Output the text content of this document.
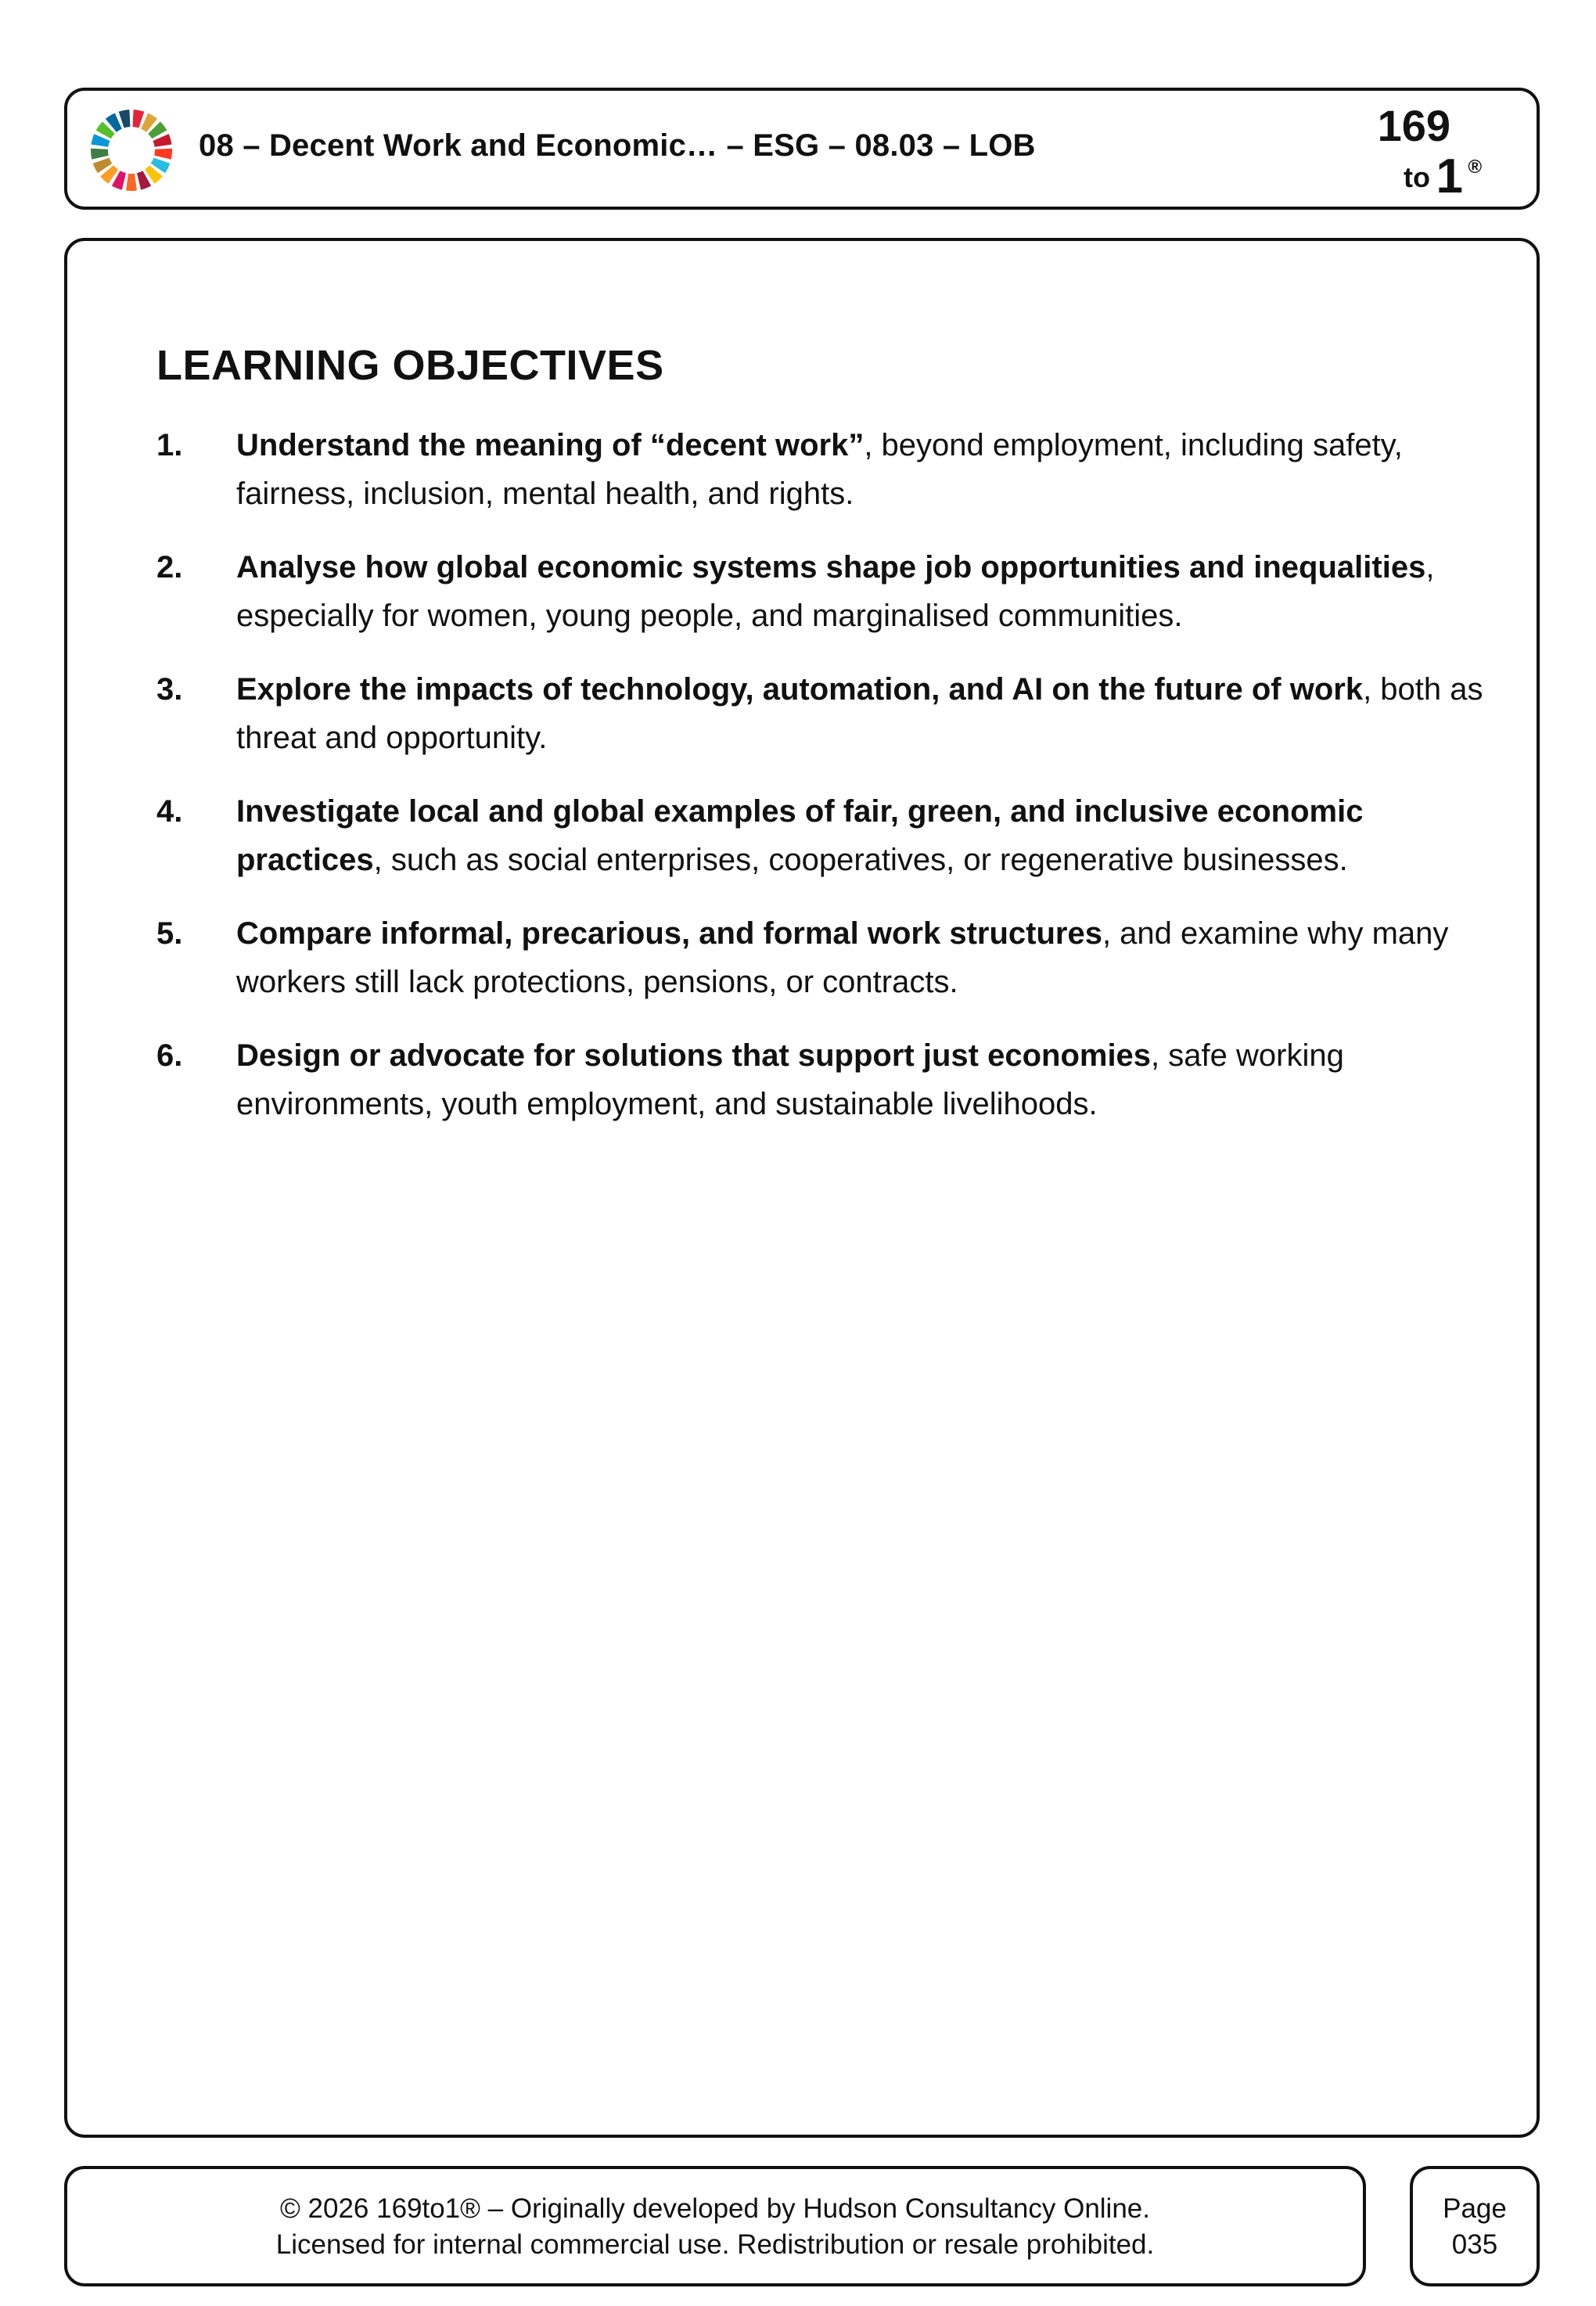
08 – Decent Work and Economic… – ESG – 08.03 – LOB	169
to 1 ®
LEARNING OBJECTIVES
1. Understand the meaning of “decent work”, beyond employment, including safety, fairness, inclusion, mental health, and rights.
2. Analyse how global economic systems shape job opportunities and inequalities, especially for women, young people, and marginalised communities.
3. Explore the impacts of technology, automation, and AI on the future of work, both as threat and opportunity.
4. Investigate local and global examples of fair, green, and inclusive economic practices, such as social enterprises, cooperatives, or regenerative businesses.
5. Compare informal, precarious, and formal work structures, and examine why many workers still lack protections, pensions, or contracts.
6. Design or advocate for solutions that support just economies, safe working environments, youth employment, and sustainable livelihoods.
© 2026 169to1® – Originally developed by Hudson Consultancy Online.
Licensed for internal commercial use. Redistribution or resale prohibited.
Page
035
